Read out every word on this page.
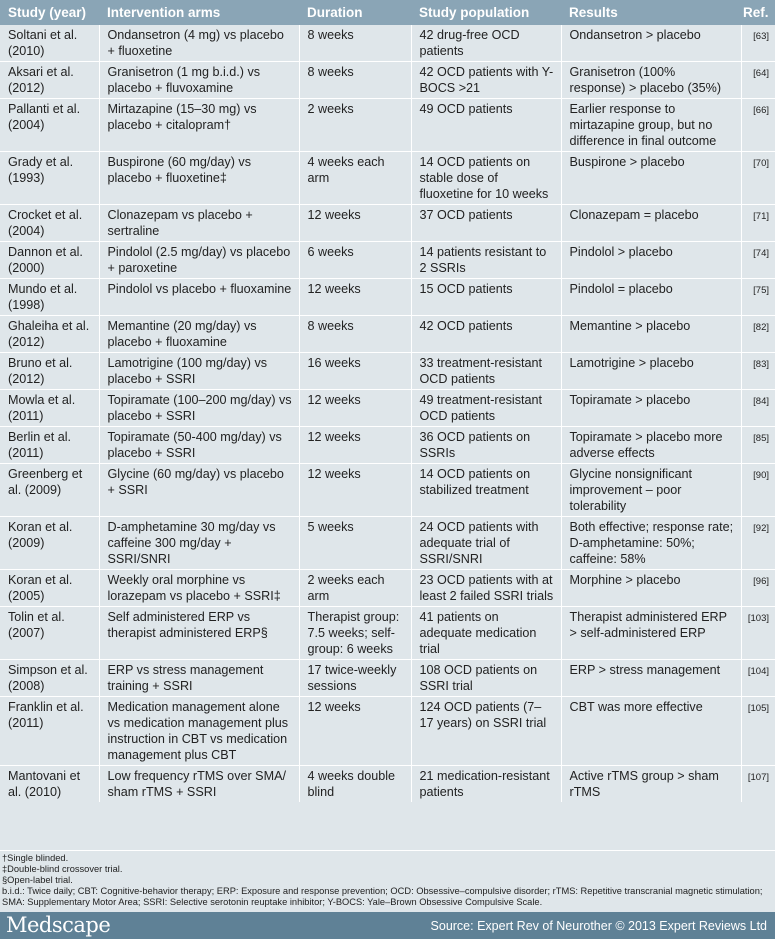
Study (year)	Intervention arms	Duration	Study population	Results	Ref.
Soltani et al. (2010)	Ondansetron (4 mg) vs placebo + fluoxetine	8 weeks	42 drug-free OCD patients	Ondansetron > placebo	[63]
Aksari et al. (2012)	Granisetron (1 mg b.i.d.) vs placebo + fluvoxamine	8 weeks	42 OCD patients with Y-BOCS >21	Granisetron (100% response) > placebo (35%)	[64]
Pallanti et al. (2004)	Mirtazapine (15–30 mg) vs placebo + citalopram†	2 weeks	49 OCD patients	Earlier response to mirtazapine group, but no difference in final outcome	[66]
Grady et al. (1993)	Buspirone (60 mg/day) vs placebo + fluoxetine‡	4 weeks each arm	14 OCD patients on stable dose of fluoxetine for 10 weeks	Buspirone > placebo	[70]
Crocket et al. (2004)	Clonazepam vs placebo + sertraline	12 weeks	37 OCD patients	Clonazepam = placebo	[71]
Dannon et al. (2000)	Pindolol (2.5 mg/day) vs placebo + paroxetine	6 weeks	14 patients resistant to 2 SSRIs	Pindolol > placebo	[74]
Mundo et al. (1998)	Pindolol vs placebo + fluoxamine	12 weeks	15 OCD patients	Pindolol = placebo	[75]
Ghaleiha et al. (2012)	Memantine (20 mg/day) vs placebo + fluoxamine	8 weeks	42 OCD patients	Memantine > placebo	[82]
Bruno et al. (2012)	Lamotrigine (100 mg/day) vs placebo + SSRI	16 weeks	33 treatment-resistant OCD patients	Lamotrigine > placebo	[83]
Mowla et al. (2011)	Topiramate (100–200 mg/day) vs placebo + SSRI	12 weeks	49 treatment-resistant OCD patients	Topiramate > placebo	[84]
Berlin et al. (2011)	Topiramate (50-400 mg/day) vs placebo + SSRI	12 weeks	36 OCD patients on SSRIs	Topiramate > placebo more adverse effects	[85]
Greenberg et al. (2009)	Glycine (60 mg/day) vs placebo + SSRI	12 weeks	14 OCD patients on stabilized treatment	Glycine nonsignificant improvement – poor tolerability	[90]
Koran et al. (2009)	D-amphetamine 30 mg/day vs caffeine 300 mg/day + SSRI/SNRI	5 weeks	24 OCD patients with adequate trial of SSRI/SNRI	Both effective; response rate; D-amphetamine: 50%; caffeine: 58%	[92]
Koran et al. (2005)	Weekly oral morphine vs lorazepam vs placebo + SSRI‡	2 weeks each arm	23 OCD patients with at least 2 failed SSRI trials	Morphine > placebo	[96]
Tolin et al. (2007)	Self administered ERP vs therapist administered ERP§	Therapist group: 7.5 weeks; self-group: 6 weeks	41 patients on adequate medication trial	Therapist administered ERP > self-administered ERP	[103]
Simpson et al. (2008)	ERP vs stress management training + SSRI	17 twice-weekly sessions	108 OCD patients on SSRI trial	ERP > stress management	[104]
Franklin et al. (2011)	Medication management alone vs medication management plus instruction in CBT vs medication management plus CBT	12 weeks	124 OCD patients (7–17 years) on SSRI trial	CBT was more effective	[105]
Mantovani et al. (2010)	Low frequency rTMS over SMA/ sham rTMS + SSRI	4 weeks double blind	21 medication-resistant patients	Active rTMS group > sham rTMS	[107]
†Single blinded.
‡Double-blind crossover trial.
§Open-label trial.
b.i.d.: Twice daily; CBT: Cognitive-behavior therapy; ERP: Exposure and response prevention; OCD: Obsessive–compulsive disorder; rTMS: Repetitive transcranial magnetic stimulation; SMA: Supplementary Motor Area; SSRI: Selective serotonin reuptake inhibitor; Y-BOCS: Yale–Brown Obsessive Compulsive Scale.
Medscape	Source: Expert Rev of Neurother © 2013 Expert Reviews Ltd
